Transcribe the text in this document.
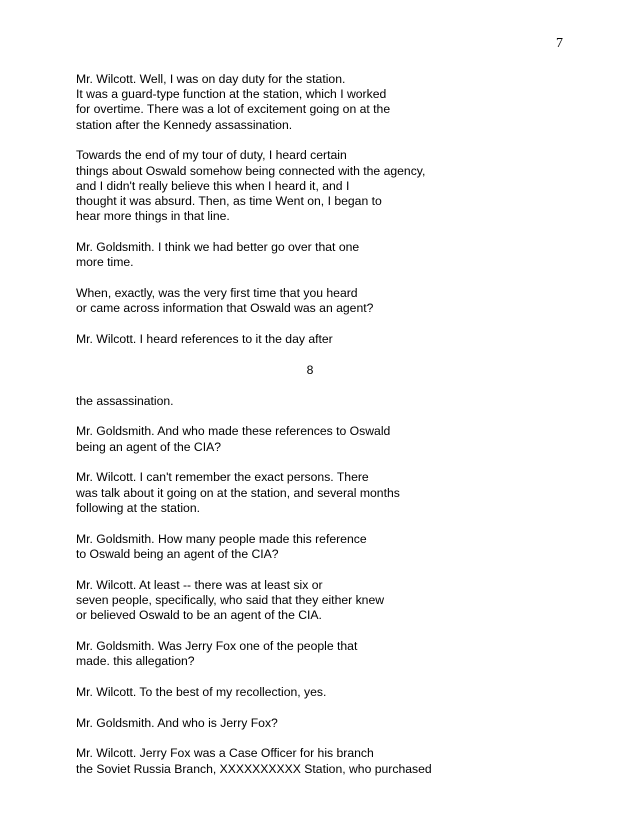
7

Mr. Wilcott. Well, I was on day duty for the station.
It was a guard-type function at the station, which I worked
for overtime. There was a lot of excitement going on at the
station after the Kennedy assassination.

Towards the end of my tour of duty, I heard certain
things about Oswald somehow being connected with the agency,
and I didn't really believe this when I heard it, and I
thought it was absurd. Then, as time Went on, I began to
hear more things in that line.

Mr. Goldsmith. I think we had better go over that one
more time.

When, exactly, was the very first time that you heard
or came across information that Oswald was an agent?

Mr. Wilcott. I heard references to it the day after

8

the assassination.

Mr. Goldsmith. And who made these references to Oswald
being an agent of the CIA?

Mr. Wilcott. I can't remember the exact persons. There
was talk about it going on at the station, and several months
following at the station.

Mr. Goldsmith. How many people made this reference
to Oswald being an agent of the CIA?

Mr. Wilcott. At least -- there was at least six or
seven people, specifically, who said that they either knew
or believed Oswald to be an agent of the CIA.

Mr. Goldsmith. Was Jerry Fox one of the people that
made. this allegation?

Mr. Wilcott. To the best of my recollection, yes.

Mr. Goldsmith. And who is Jerry Fox?

Mr. Wilcott. Jerry Fox was a Case Officer for his branch
the Soviet Russia Branch, XXXXXXXXXX Station, who purchased
